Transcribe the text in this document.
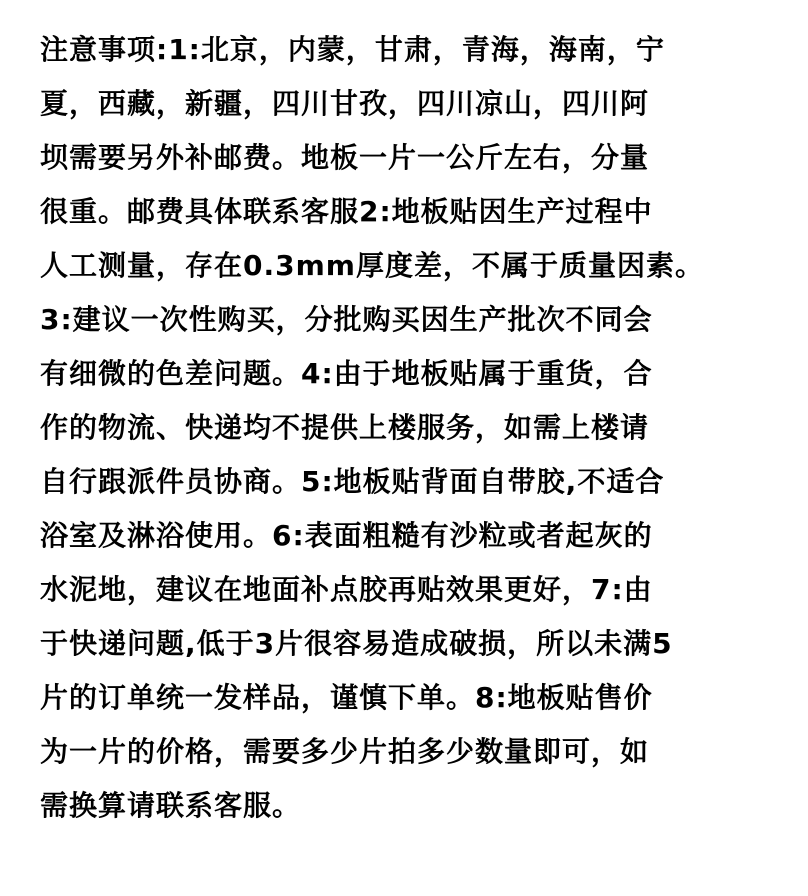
注意事项:1:北京，内蒙，甘肃，青海，海南，宁
夏，西藏，新疆，四川甘孜，四川凉山，四川阿
坝需要另外补邮费。地板一片一公斤左右，分量
很重。邮费具体联系客服2:地板贴因生产过程中
人工测量，存在0.3mm厚度差，不属于质量因素。
3:建议一次性购买，分批购买因生产批次不同会
有细微的色差问题。4:由于地板贴属于重货，合
作的物流、快递均不提供上楼服务，如需上楼请
自行跟派件员协商。5:地板贴背面自带胶,不适合
浴室及淋浴使用。6:表面粗糙有沙粒或者起灰的
水泥地，建议在地面补点胶再贴效果更好，7:由
于快递问题,低于3片很容易造成破损，所以未满5
片的订单统一发样品，谨慎下单。8:地板贴售价
为一片的价格，需要多少片拍多少数量即可，如
需换算请联系客服。
